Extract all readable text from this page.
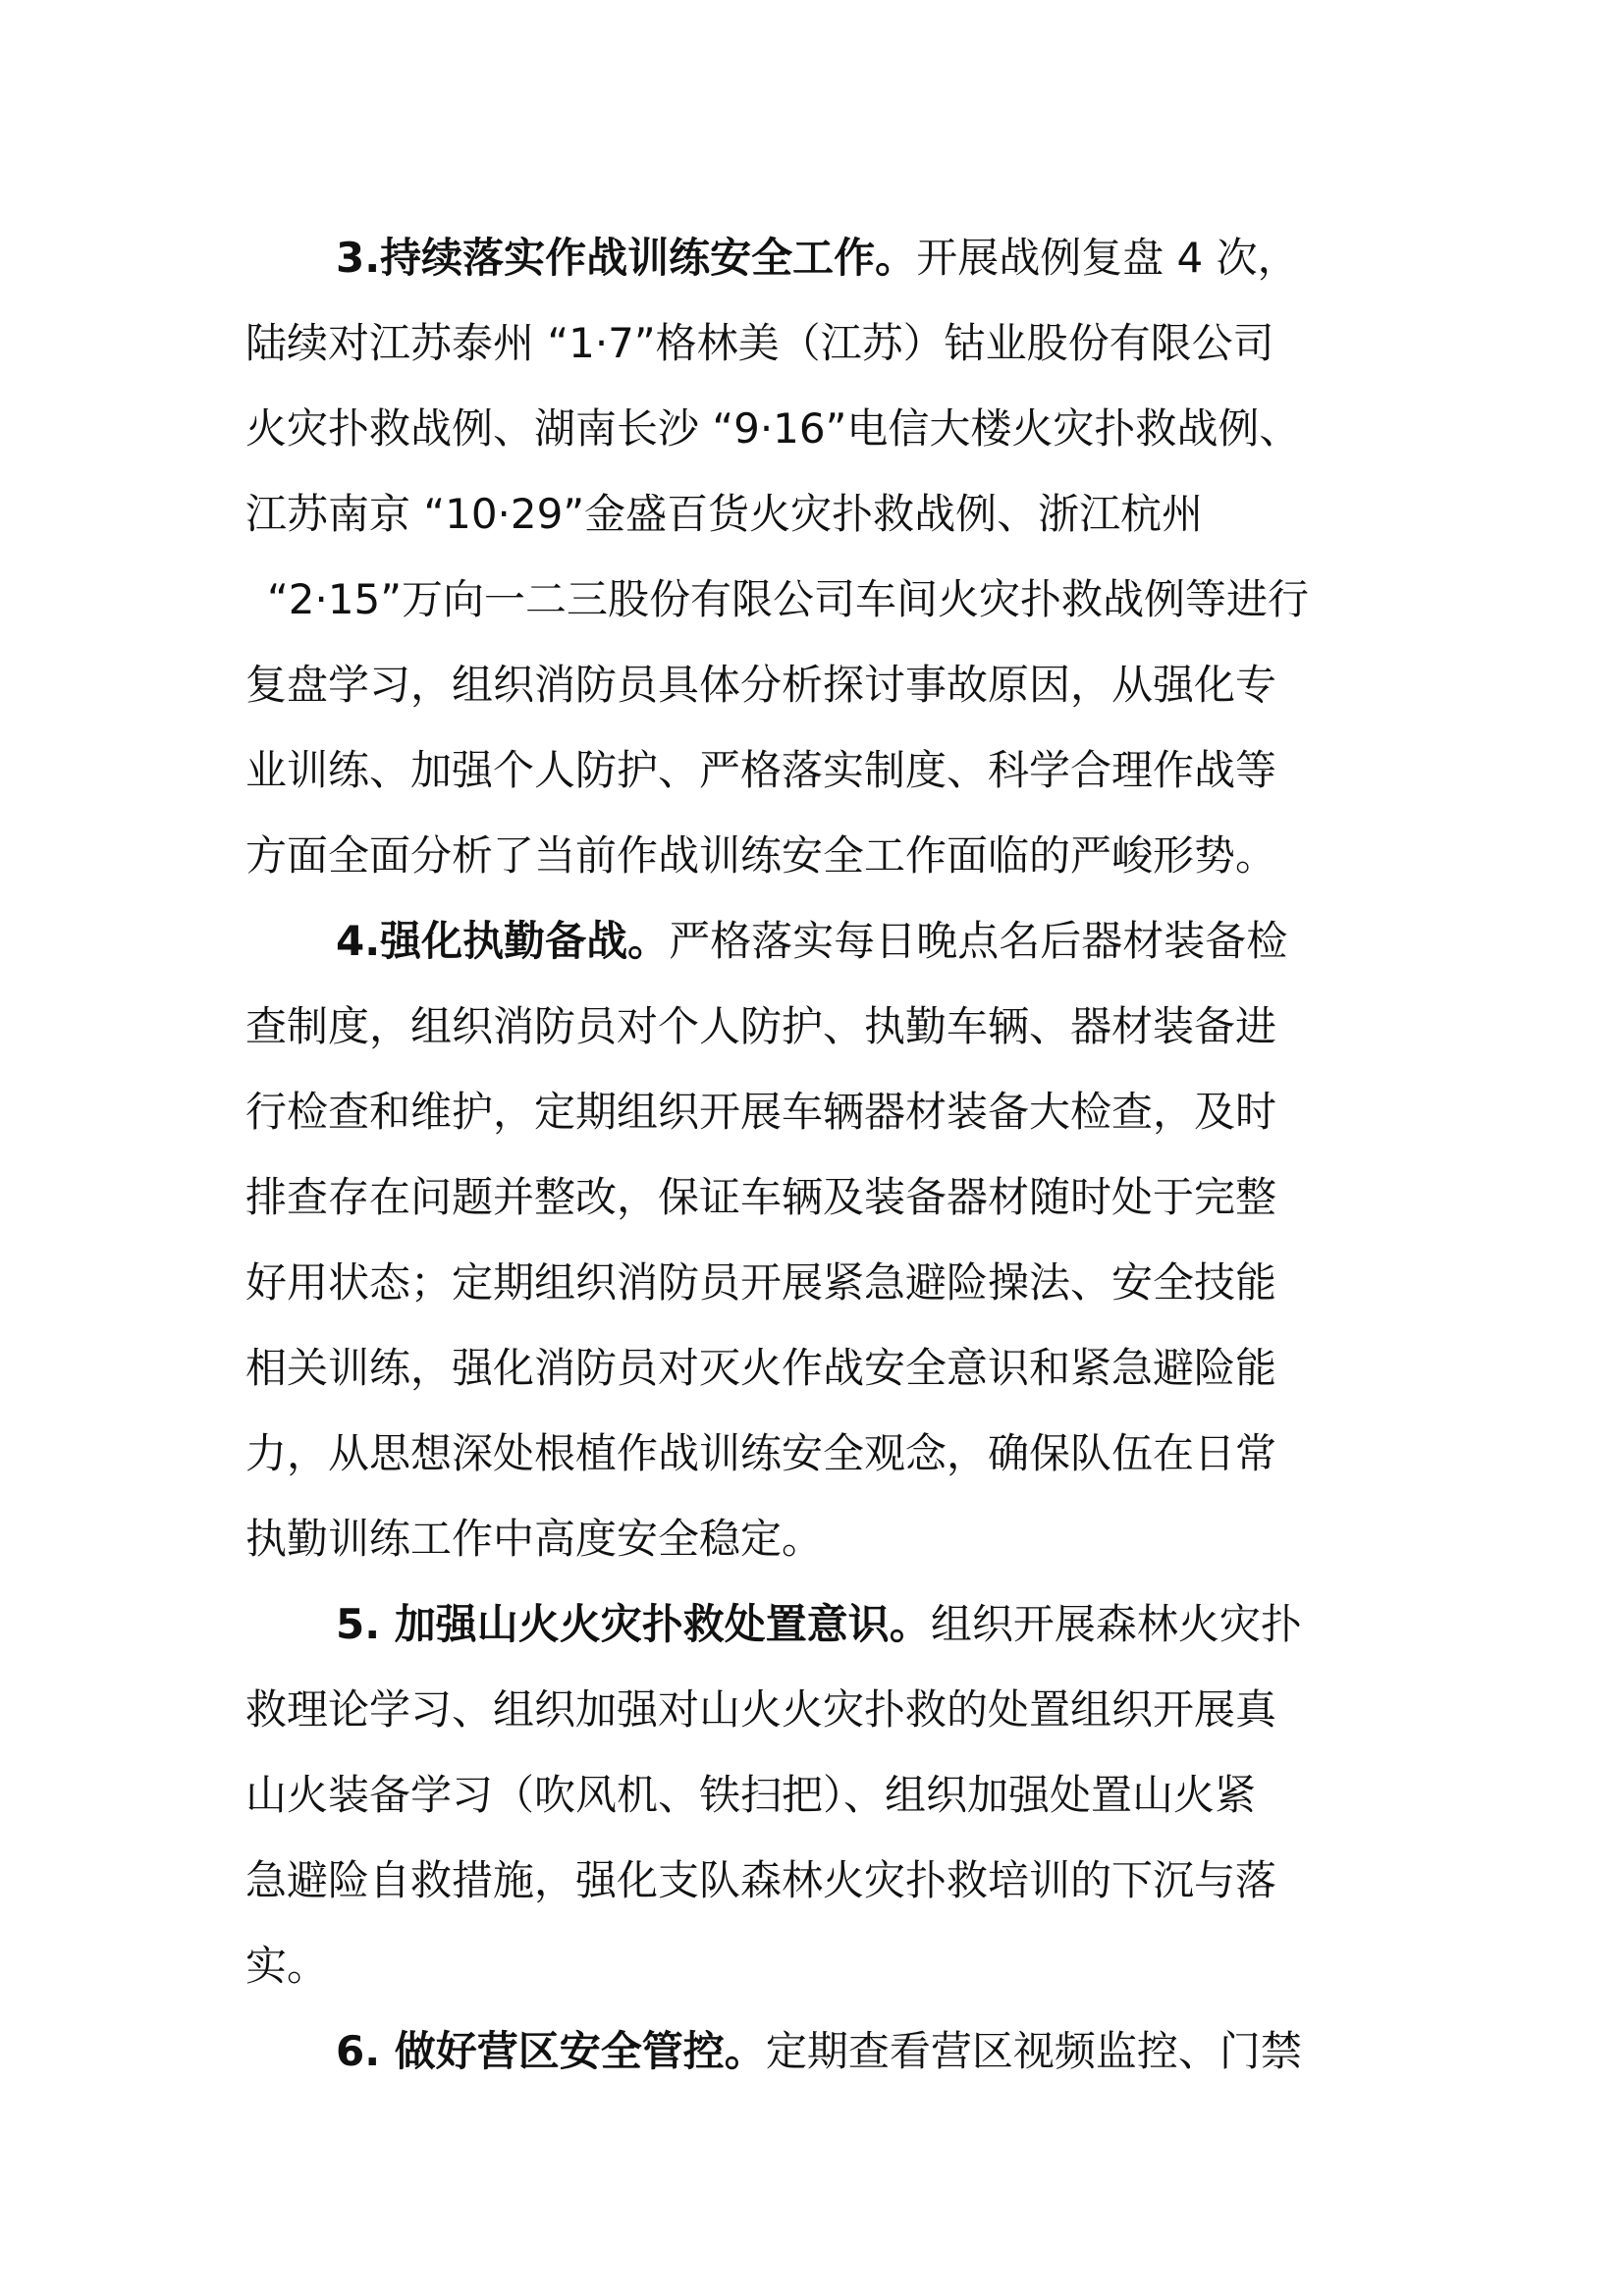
3.持续落实作战训练安全工作。开展战例复盘 4 次，
陆续对江苏泰州 “1·7”格林美（江苏）钴业股份有限公司
火灾扑救战例、湖南长沙 “9·16”电信大楼火灾扑救战例、
江苏南京 “10·29”金盛百货火灾扑救战例、浙江杭州
“2·15”万向一二三股份有限公司车间火灾扑救战例等进行
复盘学习，组织消防员具体分析探讨事故原因，从强化专
业训练、加强个人防护、严格落实制度、科学合理作战等
方面全面分析了当前作战训练安全工作面临的严峻形势。
4.强化执勤备战。严格落实每日晚点名后器材装备检
查制度，组织消防员对个人防护、执勤车辆、器材装备进
行检查和维护，定期组织开展车辆器材装备大检查，及时
排查存在问题并整改，保证车辆及装备器材随时处于完整
好用状态；定期组织消防员开展紧急避险操法、安全技能
相关训练，强化消防员对灭火作战安全意识和紧急避险能
力，从思想深处根植作战训练安全观念，确保队伍在日常
执勤训练工作中高度安全稳定。
5. 加强山火火灾扑救处置意识。组织开展森林火灾扑
救理论学习、组织加强对山火火灾扑救的处置组织开展真
山火装备学习（吹风机、铁扫把）、组织加强处置山火紧
急避险自救措施，强化支队森林火灾扑救培训的下沉与落
实。
6. 做好营区安全管控。定期查看营区视频监控、门禁
